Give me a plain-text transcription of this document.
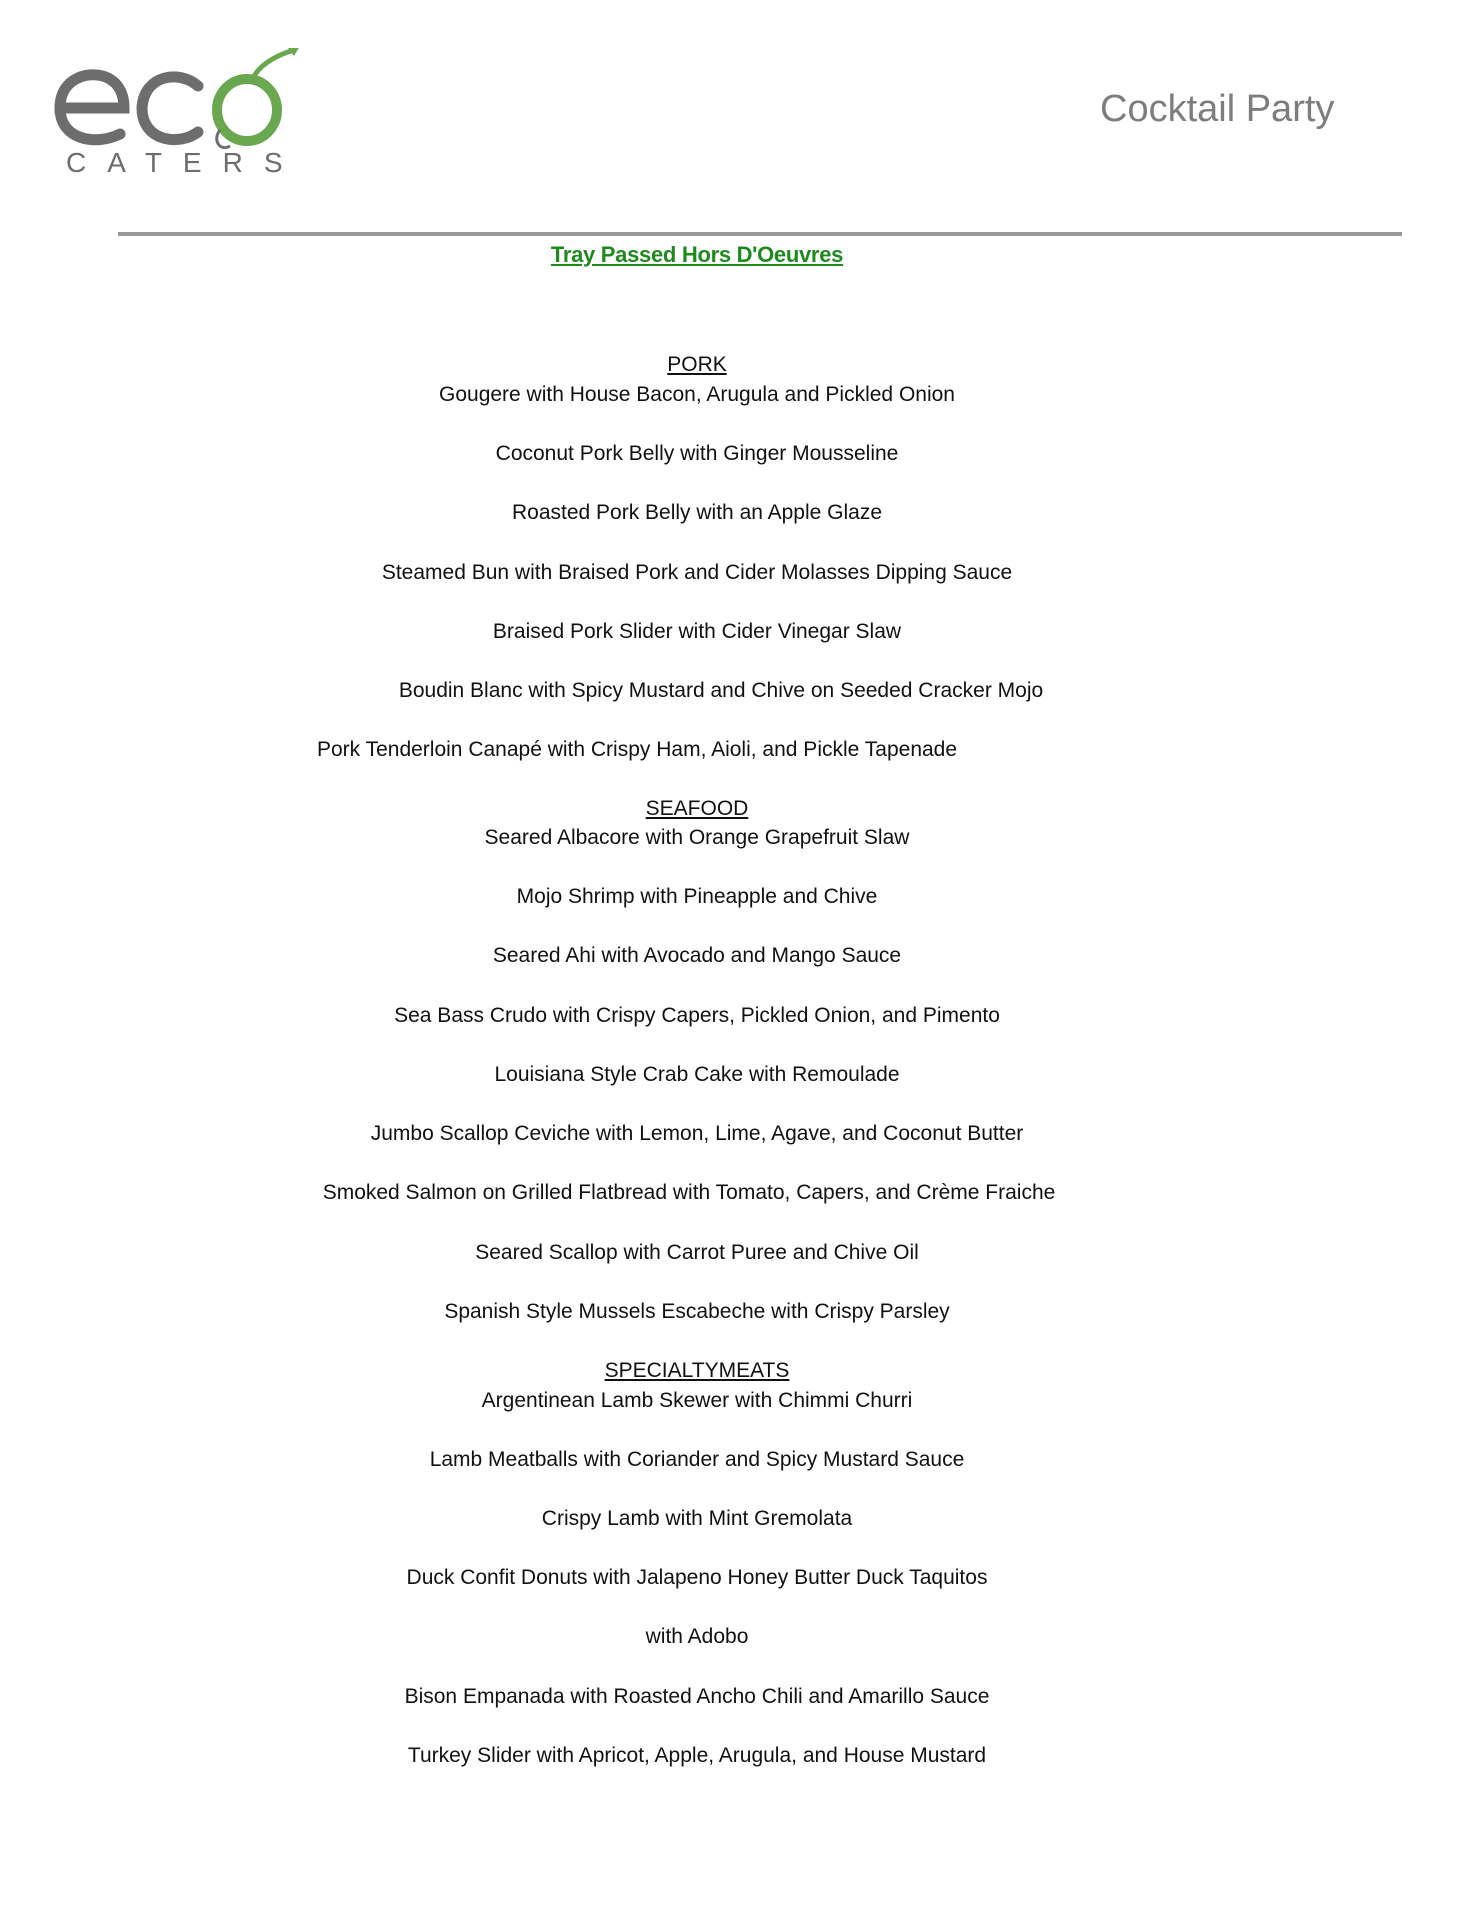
CATERS
Cocktail Party
Tray Passed Hors D'Oeuvres
PORK
Gougere with House Bacon, Arugula and Pickled Onion
Coconut Pork Belly with Ginger Mousseline
Roasted Pork Belly with an Apple Glaze
Steamed Bun with Braised Pork and Cider Molasses Dipping Sauce
Braised Pork Slider with Cider Vinegar Slaw
Boudin Blanc with Spicy Mustard and Chive on Seeded Cracker Mojo
Pork Tenderloin Canapé with Crispy Ham, Aioli, and Pickle Tapenade
SEAFOOD
Seared Albacore with Orange Grapefruit Slaw
Mojo Shrimp with Pineapple and Chive
Seared Ahi with Avocado and Mango Sauce
Sea Bass Crudo with Crispy Capers, Pickled Onion, and Pimento
Louisiana Style Crab Cake with Remoulade
Jumbo Scallop Ceviche with Lemon, Lime, Agave, and Coconut Butter
Smoked Salmon on Grilled Flatbread with Tomato, Capers, and Crème Fraiche
Seared Scallop with Carrot Puree and Chive Oil
Spanish Style Mussels Escabeche with Crispy Parsley
SPECIALTYMEATS
Argentinean Lamb Skewer with Chimmi Churri
Lamb Meatballs with Coriander and Spicy Mustard Sauce
Crispy Lamb with Mint Gremolata
Duck Confit Donuts with Jalapeno Honey Butter Duck Taquitos
with Adobo
Bison Empanada with Roasted Ancho Chili and Amarillo Sauce
Turkey Slider with Apricot, Apple, Arugula, and House Mustard
